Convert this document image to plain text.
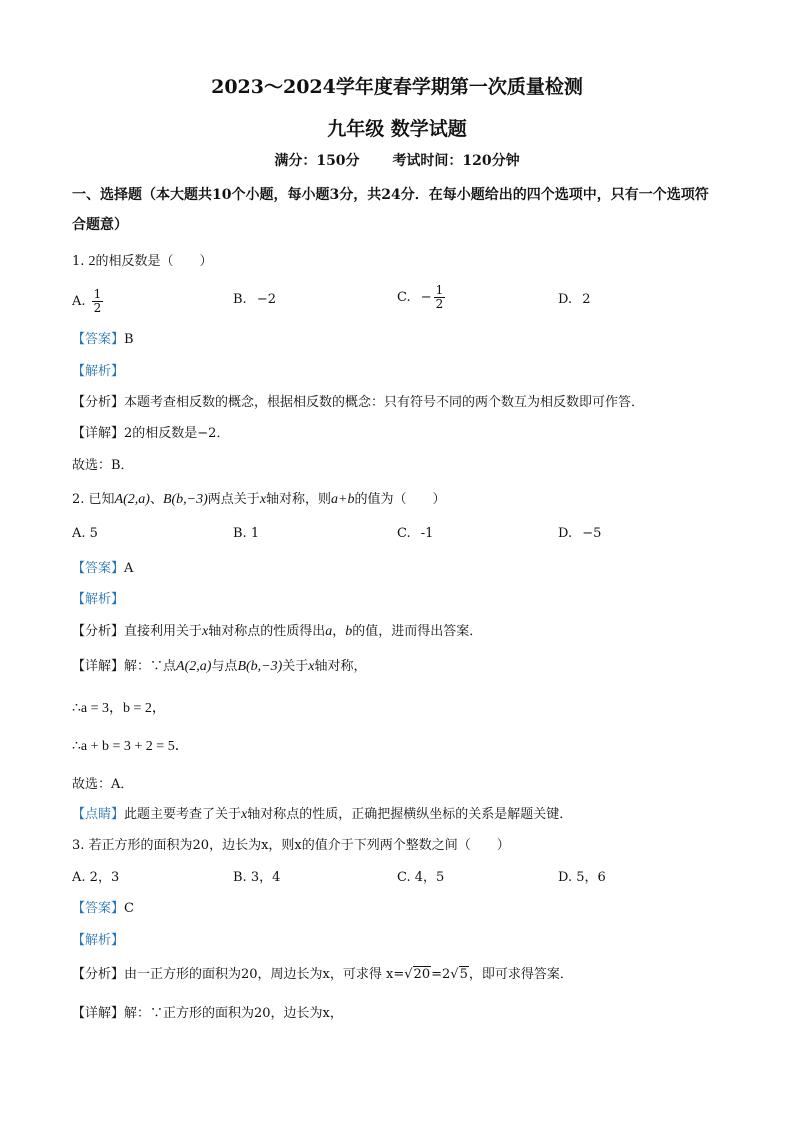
2023～2024学年度春学期第一次质量检测
九年级 数学试题
满分：150分 考试时间：120分钟
一、选择题（本大题共10个小题，每小题3分，共24分．在每小题给出的四个选项中，只有一个选项符合题意）
1. 2的相反数是（　　）
A. $\frac{1}{2}$	B. −2	C. − $\frac{1}{2}$	D. 2
【答案】B
【解析】
【分析】本题考查相反数的概念，根据相反数的概念：只有符号不同的两个数互为相反数即可作答．
【详解】2的相反数是−2．
故选：B．
2. 已知A(2,a)、B(b,−3)两点关于x轴对称，则a+b的值为（　　）
A. 5	B. 1	C. -1	D. −5
【答案】A
【解析】
【分析】直接利用关于x轴对称点的性质得出a，b的值，进而得出答案．
【详解】解：∵点A(2,a)与点B(b,−3)关于x轴对称，
∴a = 3，b = 2，
∴a + b = 3 + 2 = 5．
故选：A．
【点睛】此题主要考查了关于x轴对称点的性质，正确把握横纵坐标的关系是解题关键．
3. 若正方形的面积为20，边长为x，则x的值介于下列两个整数之间（　　）
A. 2，3	B. 3，4	C. 4，5	D. 5，6
【答案】C
【解析】
【分析】由一正方形的面积为20，周边长为x，可求得 x=√20=2√5，即可求得答案．
【详解】解：∵正方形的面积为20，边长为x，
